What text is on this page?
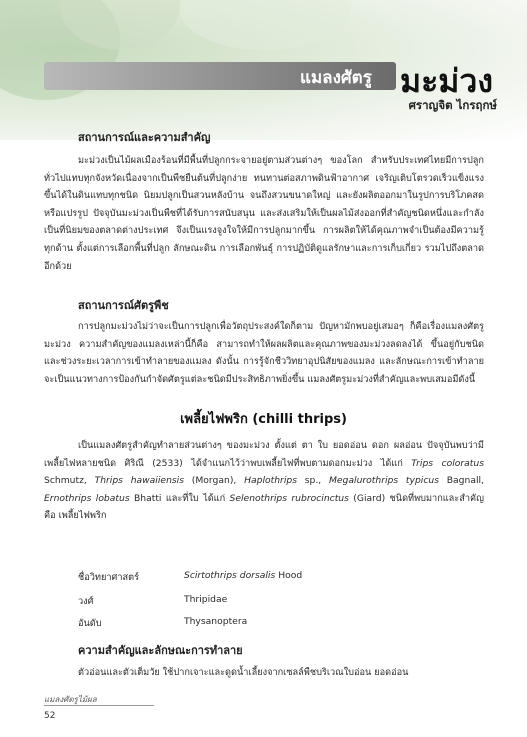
แมลงศัตรู มะม่วง
ศราญจิต ไกรฤกษ์
สถานการณ์และความสำคัญ

มะม่วงเป็นไม้ผลเมืองร้อนที่มีพื้นที่ปลูกกระจายอยู่ตามส่วนต่างๆ ของโลก สำหรับประเทศไทยมีการปลูกทั่วไปแทบทุกจังหวัดเนื่องจากเป็นพืชยืนต้นที่ปลูกง่าย ทนทานต่อสภาพดินฟ้าอากาศ เจริญเติบโตรวดเร็วแข็งแรง ขึ้นได้ในดินแทบทุกชนิด นิยมปลูกเป็นสวนหลังบ้าน จนถึงสวนขนาดใหญ่ และยังผลิตออกมาในรูปการบริโภคสดหรือแปรรูป ปัจจุบันมะม่วงเป็นพืชที่ได้รับการสนับสนุน และส่งเสริมให้เป็นผลไม้ส่งออกที่สำคัญชนิดหนึ่งและกำลังเป็นที่นิยมของตลาดต่างประเทศ จึงเป็นแรงจูงใจให้มีการปลูกมากขึ้น การผลิตให้ได้คุณภาพจำเป็นต้องมีความรู้ทุกด้าน ตั้งแต่การเลือกพื้นที่ปลูก ลักษณะดิน การเลือกพันธุ์ การปฏิบัติดูแลรักษาและการเก็บเกี่ยว รวมไปถึงตลาดอีกด้วย

สถานการณ์ศัตรูพืช

การปลูกมะม่วงไม่ว่าจะเป็นการปลูกเพื่อวัตถุประสงค์ใดก็ตาม ปัญหามักพบอยู่เสมอๆ ก็คือเรื่องแมลงศัตรูมะม่วง ความสำคัญของแมลงเหล่านี้ก็คือ สามารถทำให้ผลผลิตและคุณภาพของมะม่วงลดลงได้ ขึ้นอยู่กับชนิดและช่วงระยะเวลาการเข้าทำลายของแมลง ดังนั้น การรู้จักชีววิทยาอุปนิสัยของแมลง และลักษณะการเข้าทำลาย จะเป็นแนวทางการป้องกันกำจัดศัตรูแต่ละชนิดมีประสิทธิภาพยิ่งขึ้น แมลงศัตรูมะม่วงที่สำคัญและพบเสมอมีดังนี้

เพลี้ยไฟพริก (chilli thrips)

เป็นแมลงศัตรูสำคัญทำลายส่วนต่างๆ ของมะม่วง ตั้งแต่ ตา ใบ ยอดอ่อน ดอก ผลอ่อน ปัจจุบันพบว่ามีเพลี้ยไฟหลายชนิด ศิริณี (2533) ได้จำแนกไว้ว่าพบเพลี้ยไฟที่พบตามดอกมะม่วง ได้แก่ Trips coloratus Schmutz, Thrips hawaiiensis (Morgan), Haplothrips sp., Megalurothrips typicus Bagnall, Ernothrips lobatus Bhatti และที่ใบ ได้แก่ Selenothrips rubrocinctus (Giard) ชนิดที่พบมากและสำคัญคือ เพลี้ยไฟพริก

ชื่อวิทยาศาสตร์	Scirtothrips dorsalis Hood
วงศ์	Thripidae
อันดับ	Thysanoptera
ความสำคัญและลักษณะการทำลาย

ตัวอ่อนและตัวเต็มวัย ใช้ปากเจาะและดูดน้ำเลี้ยงจากเซลล์พืชบริเวณใบอ่อน ยอดอ่อน

แมลงศัตรูไม้ผล
52
